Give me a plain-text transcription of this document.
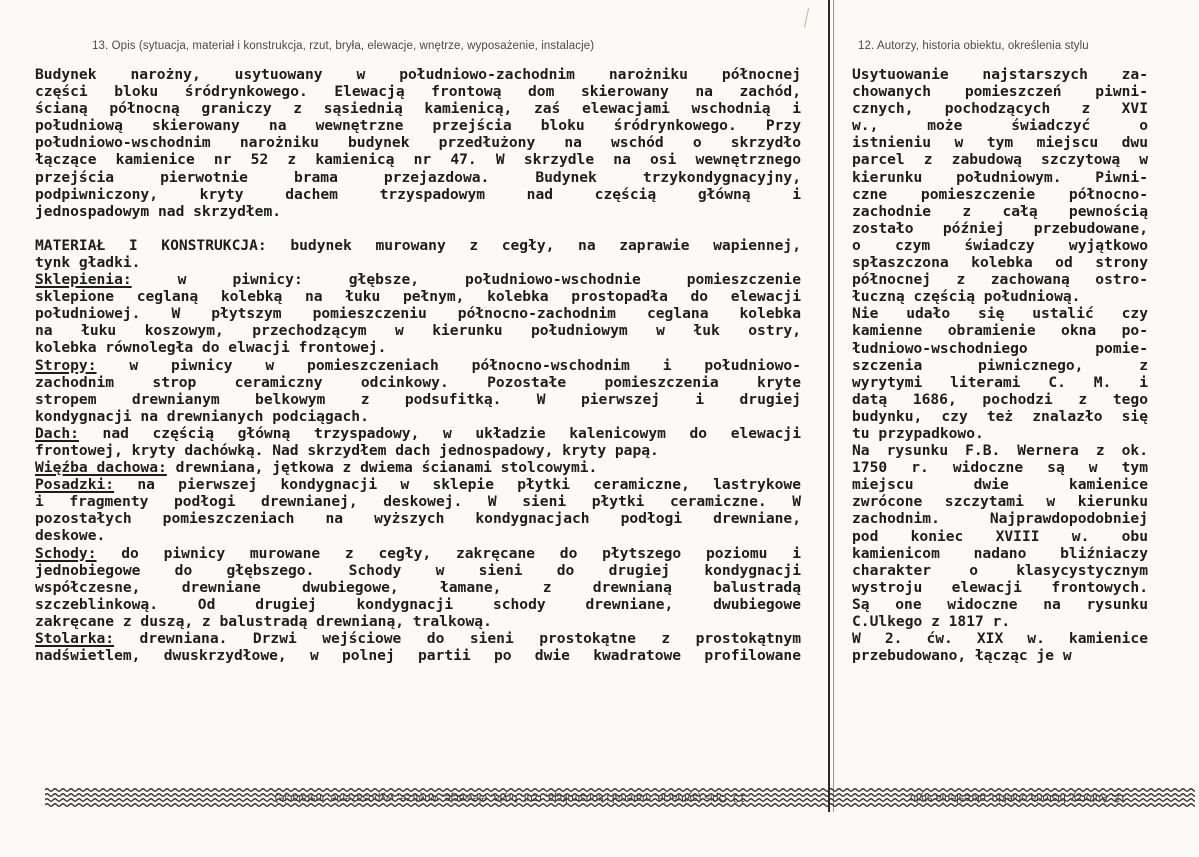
13. Opis (sytuacja, materiał i konstrukcja, rzut, bryła, elewacje, wnętrze, wyposażenie, instalacje)	12. Autorzy, historia obiektu, określenia stylu
Budynek narożny, usytuowany w południowo-zachodnim narożniku północnej
części bloku śródrynkowego. Elewacją frontową dom skierowany na zachód,
ścianą północną graniczy z sąsiednią kamienicą, zaś elewacjami wschodnią i
południową skierowany na wewnętrzne przejścia bloku śródrynkowego. Przy
południowo-wschodnim narożniku budynek przedłużony na wschód o skrzydło
łączące kamienice nr 52 z kamienicą nr 47. W skrzydle na osi wewnętrznego
przejścia pierwotnie brama przejazdowa. Budynek trzykondygnacyjny,
podpiwniczony, kryty dachem trzyspadowym nad częścią główną i
jednospadowym nad skrzydłem.
MATERIAŁ I KONSTRUKCJA: budynek murowany z cegły, na zaprawie wapiennej,
tynk gładki.
Sklepienia: w piwnicy: głębsze, południowo-wschodnie pomieszczenie
sklepione ceglaną kolebką na łuku pełnym, kolebka prostopadła do elewacji
południowej. W płytszym pomieszczeniu północno-zachodnim ceglana kolebka
na łuku koszowym, przechodzącym w kierunku południowym w łuk ostry,
kolebka równoległa do elwacji frontowej.
Stropy: w piwnicy w pomieszczeniach północno-wschodnim i południowo-
zachodnim strop ceramiczny odcinkowy. Pozostałe pomieszczenia kryte
stropem drewnianym belkowym z podsufitką. W pierwszej i drugiej
kondygnacji na drewnianych podciągach.
Dach: nad częścią główną trzyspadowy, w układzie kalenicowym do elewacji
frontowej, kryty dachówką. Nad skrzydłem dach jednospadowy, kryty papą.
Więźba dachowa: drewniana, jętkowa z dwiema ścianami stolcowymi.
Posadzki: na pierwszej kondygnacji w sklepie płytki ceramiczne, lastrykowe
i fragmenty podłogi drewnianej, deskowej. W sieni płytki ceramiczne. W
pozostałych pomieszczeniach na wyższych kondygnacjach podłogi drewniane,
deskowe.
Schody: do piwnicy murowane z cegły, zakręcane do płytszego poziomu i
jednobiegowe do głębszego. Schody w sieni do drugiej kondygnacji
współczesne, drewniane dwubiegowe, łamane, z drewnianą balustradą
szczeblinkową. Od drugiej kondygnacji schody drewniane, dwubiegowe
zakręcane z duszą, z balustradą drewnianą, tralkową.
Stolarka: drewniana. Drzwi wejściowe do sieni prostokątne z prostokątnym
nadświetlem, dwuskrzydłowe, w polnej partii po dwie kwadratowe profilowane
Usytuowanie najstarszych za-
chowanych pomieszczeń piwni-
cznych, pochodzących z XVI
w., może świadczyć o
istnieniu w tym miejscu dwu
parcel z zabudową szczytową w
kierunku południowym. Piwni-
czne pomieszczenie północno-
zachodnie z całą pewnością
zostało później przebudowane,
o czym świadczy wyjątkowo
spłaszczona kolebka od strony
północnej z zachowaną ostro-
łuczną częścią południową.
Nie udało się ustalić czy
kamienne obramienie okna po-
łudniowo-wschodniego pomie-
szczenia piwnicznego, z
wyrytymi literami C. M. i
datą 1686, pochodzi z tego
budynku, czy też znalazło się
tu przypadkowo.
Na rysunku F.B. Wernera z ok.
1750 r. widoczne są w tym
miejscu dwie kamienice
zwrócone szczytami w kierunku
zachodnim. Najprawdopodobniej
pod koniec XVIII w. obu
kamienicom nadano bliźniaczy
charakter o klasycystycznym
wystroju elewacji frontowych.
Są one widoczne na rysunku
C.Ulkego z 1817 r.
W 2. ćw. XIX w. kamienice
przebudowano, łącząc je w
13. Opis (sytuacja, materiał i konstrukcja, rzut, bryła, elewacje, wnętrze, wyposażenie, instalacje)	12. Autorzy, historia obiektu, określenia stylu
